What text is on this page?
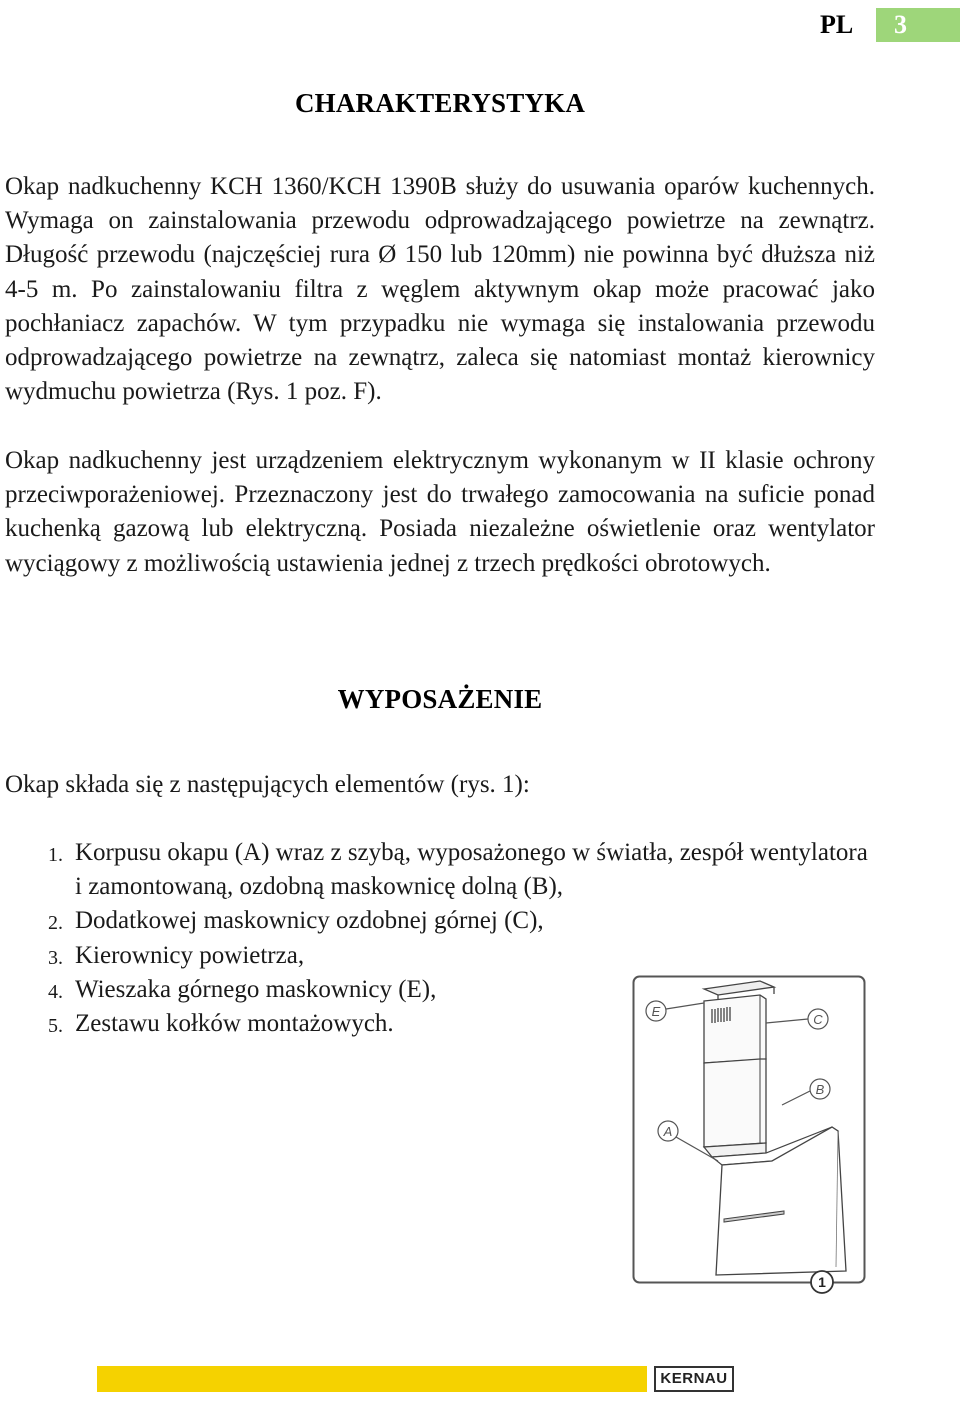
PL	3
CHARAKTERYSTYKA

Okap nadkuchenny KCH 1360/KCH 1390B służy do usuwania oparów kuchennych. Wymaga on zainstalowania przewodu odprowadzającego powietrze na zewnątrz. Długość przewodu (najczęściej rura Ø 150 lub 120mm) nie powinna być dłuższa niż 4-5 m. Po zainstalowaniu filtra z węglem aktywnym okap może pracować jako pochłaniacz zapachów. W tym przypadku nie wymaga się instalowania przewodu odprowadzającego powietrze na zewnątrz, zaleca się natomiast montaż kierownicy wydmuchu powietrza (Rys. 1 poz. F).

Okap nadkuchenny jest urządzeniem elektrycznym wykonanym w II klasie ochrony przeciwporażeniowej. Przeznaczony jest do trwałego zamocowania na suficie ponad kuchenką gazową lub elektryczną. Posiada niezależne oświetlenie oraz wentylator wyciągowy z możliwością ustawienia jednej z trzech prędkości obrotowych.

WYPOSAŻENIE

Okap składa się z następujących elementów (rys. 1):

1. Korpusu okapu (A) wraz z szybą, wyposażonego w światła, zespół wentylatora i zamontowaną, ozdobną maskownicę dolną (B),
2. Dodatkowej maskownicy ozdobnej górnej (C),
3. Kierownicy powietrza,
4. Wieszaka górnego maskownicy (E),
5. Zestawu kołków montażowych.	E
C
B
A
1
KERNAU
